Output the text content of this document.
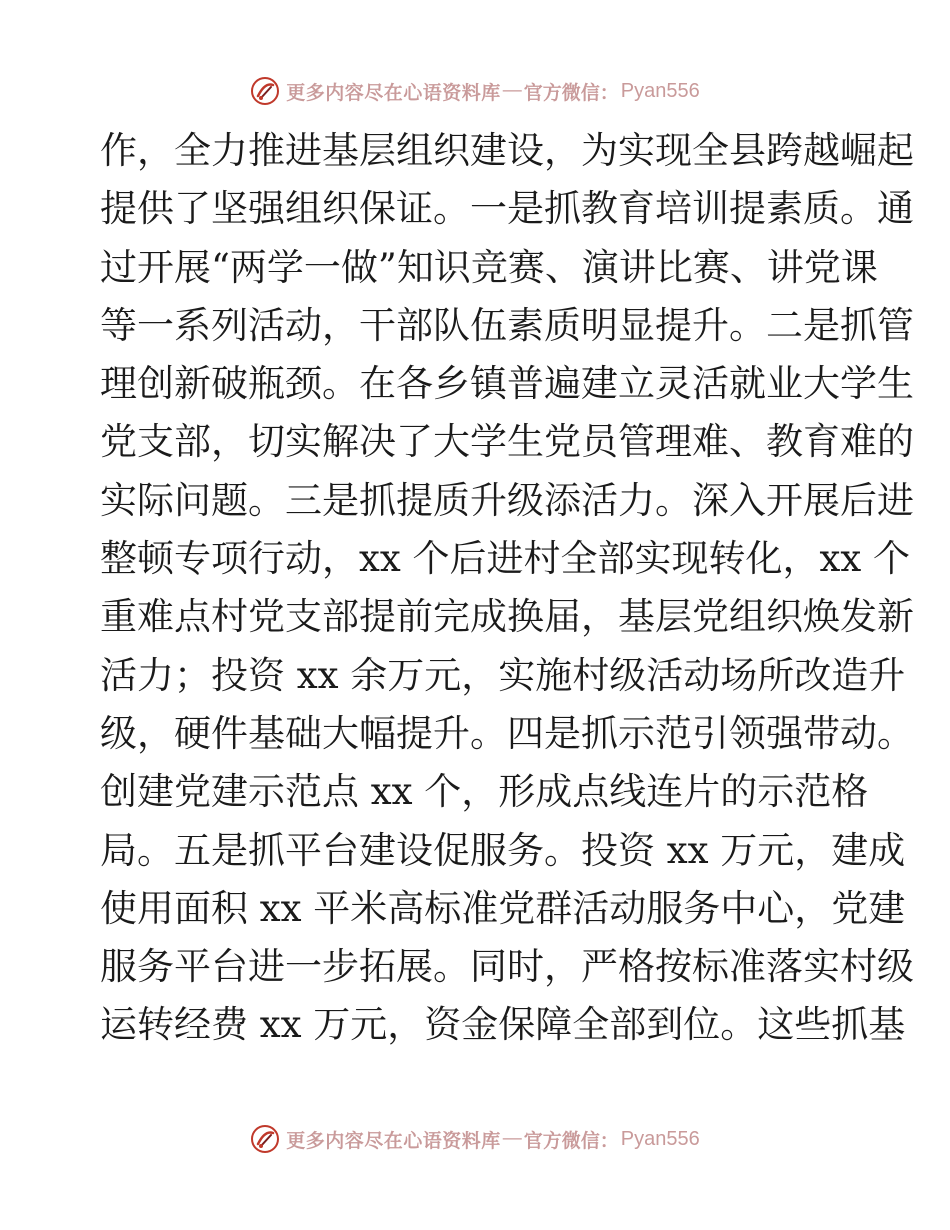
更多内容尽在心语资料库 — 官方微信： Pyan556
作，全力推进基层组织建设，为实现全县跨越崛起
提供了坚强组织保证。一是抓教育培训提素质。通
过开展“两学一做”知识竞赛、演讲比赛、讲党课
等一系列活动，干部队伍素质明显提升。二是抓管
理创新破瓶颈。在各乡镇普遍建立灵活就业大学生
党支部，切实解决了大学生党员管理难、教育难的
实际问题。三是抓提质升级添活力。深入开展后进
整顿专项行动，xx 个后进村全部实现转化，xx 个
重难点村党支部提前完成换届，基层党组织焕发新
活力；投资 xx 余万元，实施村级活动场所改造升
级，硬件基础大幅提升。四是抓示范引领强带动。
创建党建示范点 xx 个，形成点线连片的示范格
局。五是抓平台建设促服务。投资 xx 万元，建成
使用面积 xx 平米高标准党群活动服务中心，党建
服务平台进一步拓展。同时，严格按标准落实村级
运转经费 xx 万元，资金保障全部到位。这些抓基
更多内容尽在心语资料库 — 官方微信： Pyan556
